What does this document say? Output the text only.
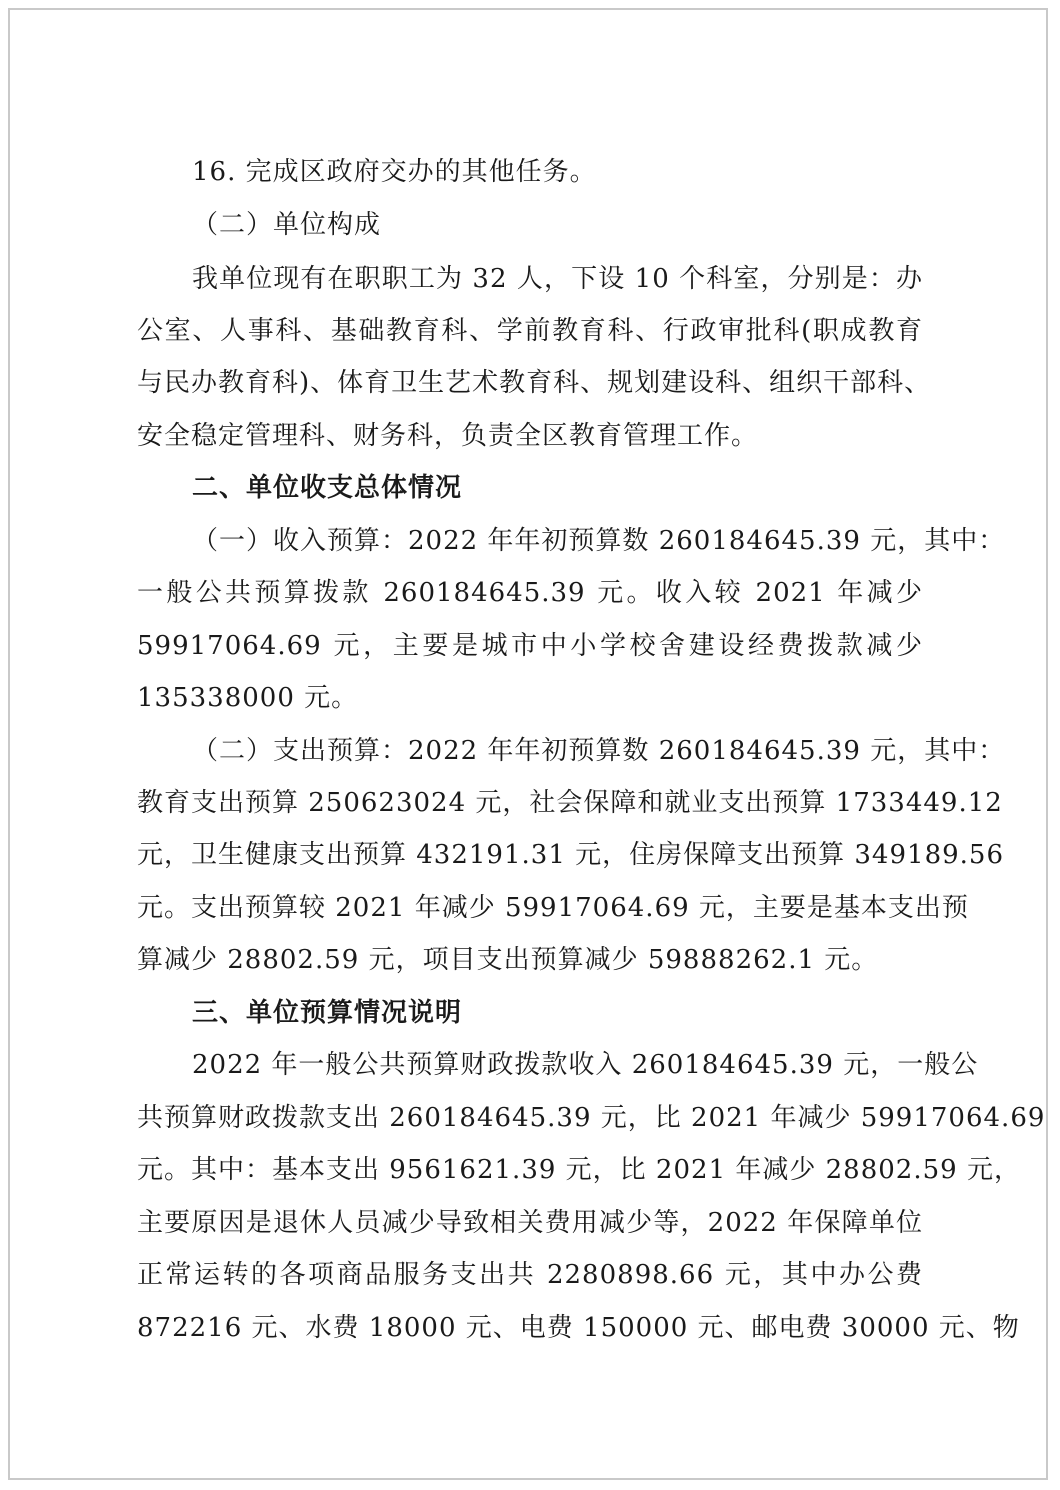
16. 完成区政府交办的其他任务。
（二）单位构成
我单位现有在职职工为 32 人，下设 10 个科室，分别是：办
公室、人事科、基础教育科、学前教育科、行政审批科(职成教育
与民办教育科)、体育卫生艺术教育科、规划建设科、组织干部科、
安全稳定管理科、财务科，负责全区教育管理工作。
二、单位收支总体情况
（一）收入预算：2022 年年初预算数 260184645.39 元，其中：
一般公共预算拨款 260184645.39 元。收入较 2021 年减少
59917064.69 元，主要是城市中小学校舍建设经费拨款减少
135338000 元。
（二）支出预算：2022 年年初预算数 260184645.39 元，其中：
教育支出预算 250623024 元，社会保障和就业支出预算 1733449.12
元，卫生健康支出预算 432191.31 元，住房保障支出预算 349189.56
元。支出预算较 2021 年减少 59917064.69 元，主要是基本支出预
算减少 28802.59 元，项目支出预算减少 59888262.1 元。
三、单位预算情况说明
2022 年一般公共预算财政拨款收入 260184645.39 元，一般公
共预算财政拨款支出 260184645.39 元，比 2021 年减少 59917064.69
元。其中：基本支出 9561621.39 元，比 2021 年减少 28802.59 元，
主要原因是退休人员减少导致相关费用减少等，2022 年保障单位
正常运转的各项商品服务支出共 2280898.66 元，其中办公费
872216 元、水费 18000 元、电费 150000 元、邮电费 30000 元、物
